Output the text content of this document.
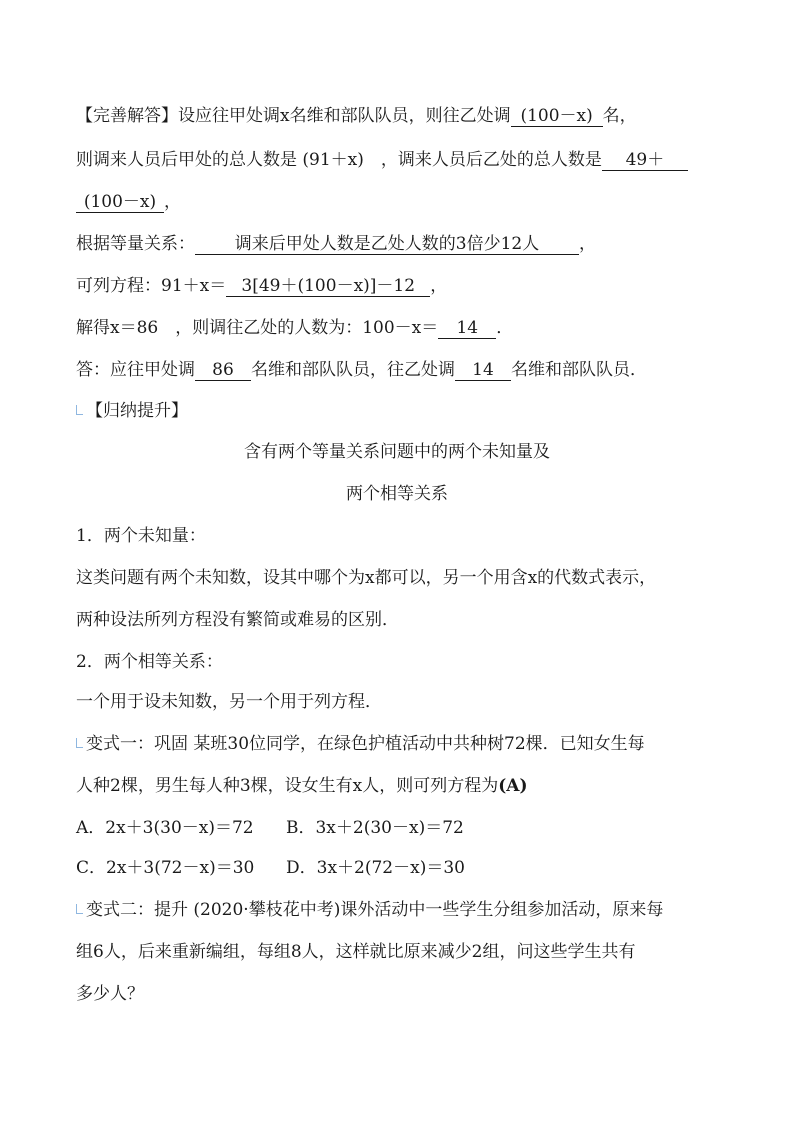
【完善解答】设应往甲处调x名维和部队队员，则往乙处调 (100－x) 名，
则调来人员后甲处的总人数是 (91＋x)　 ，调来人员后乙处的总人数是 49＋
(100－x) ，
根据等量关系： 调来后甲处人数是乙处人数的3倍少12人 ，
可列方程：91＋x＝ 3[49＋(100－x)]－12 ，
解得x＝86　，则调往乙处的人数为：100－x＝ 14 ．
答：应往甲处调 86 名维和部队队员，往乙处调 14 名维和部队队员．
【归纳提升】
含有两个等量关系问题中的两个未知量及
两个相等关系
1．两个未知量：
这类问题有两个未知数，设其中哪个为x都可以，另一个用含x的代数式表示，
两种设法所列方程没有繁简或难易的区别．
2．两个相等关系：
一个用于设未知数，另一个用于列方程．
变式一：巩固 某班30位同学，在绿色护植活动中共种树72棵．已知女生每
人种2棵，男生每人种3棵，设女生有x人，则可列方程为(A)
A．2x＋3(30－x)＝72 B．3x＋2(30－x)＝72
C．2x＋3(72－x)＝30 D．3x＋2(72－x)＝30
变式二：提升 (2020·攀枝花中考)课外活动中一些学生分组参加活动，原来每
组6人，后来重新编组，每组8人，这样就比原来减少2组，问这些学生共有
多少人？
